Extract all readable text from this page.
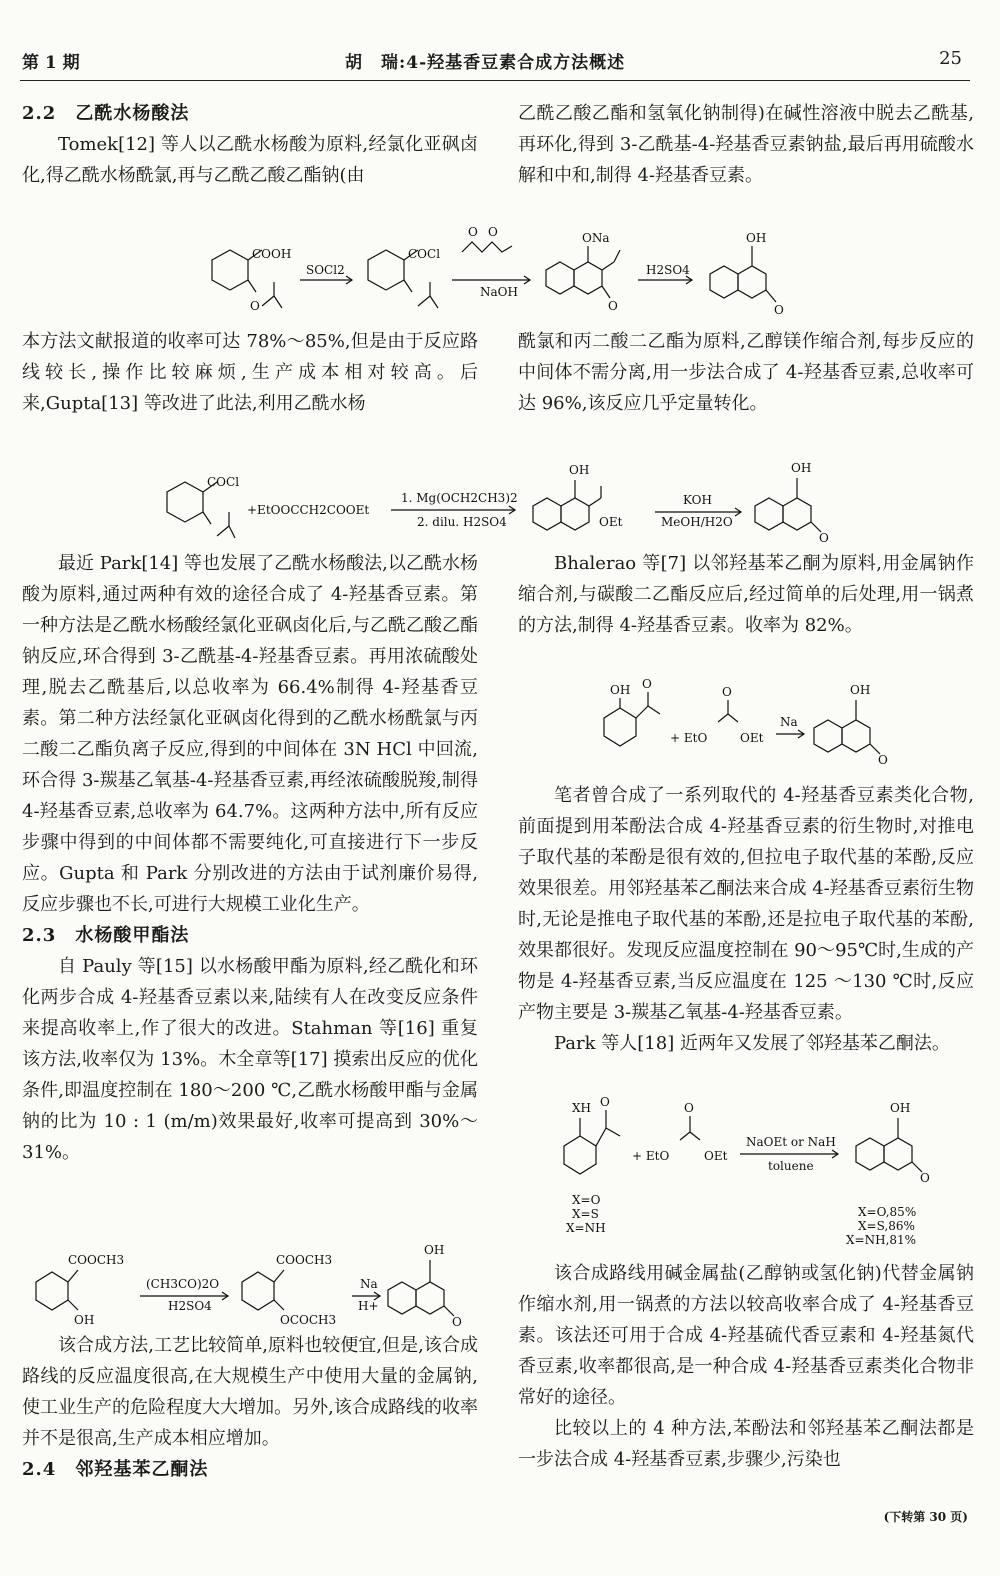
第 1 期	胡　瑞:4-羟基香豆素合成方法概述	25

2.2　乙酰水杨酸法

Tomek[12] 等人以乙酰水杨酸为原料,经氯化亚砜卤化,得乙酰水杨酰氯,再与乙酰乙酸乙酯钠(由

乙酰乙酸乙酯和氢氧化钠制得)在碱性溶液中脱去乙酰基,再环化,得到 3-乙酰基-4-羟基香豆素钠盐,最后再用硫酸水解和中和,制得 4-羟基香豆素。
COOH
O
SOCl2
COCl
O O
NaOH
ONa
O
H2SO4
OH
O
本方法文献报道的收率可达 78%～85%,但是由于反应路线较长,操作比较麻烦,生产成本相对较高。后来,Gupta[13] 等改进了此法,利用乙酰水杨
酰氯和丙二酸二乙酯为原料,乙醇镁作缩合剂,每步反应的中间体不需分离,用一步法合成了 4-羟基香豆素,总收率可达 96%,该反应几乎定量转化。
COCl
+EtOOCCH2COOEt
1. Mg(OCH2CH3)2
2. dilu. H2SO4
OH
OEt
KOH
MeOH/H2O
OH
O

最近 Park[14] 等也发展了乙酰水杨酸法,以乙酰水杨酸为原料,通过两种有效的途径合成了 4-羟基香豆素。第一种方法是乙酰水杨酸经氯化亚砜卤化后,与乙酰乙酸乙酯钠反应,环合得到 3-乙酰基-4-羟基香豆素。再用浓硫酸处理,脱去乙酰基后,以总收率为 66.4%制得 4-羟基香豆素。第二种方法经氯化亚砜卤化得到的乙酰水杨酰氯与丙二酸二乙酯负离子反应,得到的中间体在 3N HCl 中回流,环合得 3-羰基乙氧基-4-羟基香豆素,再经浓硫酸脱羧,制得 4-羟基香豆素,总收率为 64.7%。这两种方法中,所有反应步骤中得到的中间体都不需要纯化,可直接进行下一步反应。Gupta 和 Park 分别改进的方法由于试剂廉价易得,反应步骤也不长,可进行大规模工业化生产。

2.3　水杨酸甲酯法

自 Pauly 等[15] 以水杨酸甲酯为原料,经乙酰化和环化两步合成 4-羟基香豆素以来,陆续有人在改变反应条件来提高收率上,作了很大的改进。Stahman 等[16] 重复该方法,收率仅为 13%。木全章等[17] 摸索出反应的优化条件,即温度控制在 180～200 ℃,乙酰水杨酸甲酯与金属钠的比为 10 : 1 (m/m)效果最好,收率可提高到 30%～31%。

COOCH3
OH
(CH3CO)2O
H2SO4
COOCH3
OCOCH3
Na
H+
OH
O

该合成方法,工艺比较简单,原料也较便宜,但是,该合成路线的反应温度很高,在大规模生产中使用大量的金属钠,使工业生产的危险程度大大增加。另外,该合成路线的收率并不是很高,生产成本相应增加。

2.4　邻羟基苯乙酮法

Bhalerao 等[7] 以邻羟基苯乙酮为原料,用金属钠作缩合剂,与碳酸二乙酯反应后,经过简单的后处理,用一锅煮的方法,制得 4-羟基香豆素。收率为 82%。

OH O
+ EtO
O
OEt
Na
OH
O

笔者曾合成了一系列取代的 4-羟基香豆素类化合物,前面提到用苯酚法合成 4-羟基香豆素的衍生物时,对推电子取代基的苯酚是很有效的,但拉电子取代基的苯酚,反应效果很差。用邻羟基苯乙酮法来合成 4-羟基香豆素衍生物时,无论是推电子取代基的苯酚,还是拉电子取代基的苯酚,效果都很好。发现反应温度控制在 90～95℃时,生成的产物是 4-羟基香豆素,当反应温度在 125 ～130 ℃时,反应产物主要是 3-羰基乙氧基-4-羟基香豆素。

Park 等人[18] 近两年又发展了邻羟基苯乙酮法。

XH O
+ EtO
O
OEt
NaOEt or NaH
toluene
OH
O
X=O
X=S
X=NH
X=O,85%
X=S,86%
X=NH,81%

该合成路线用碱金属盐(乙醇钠或氢化钠)代替金属钠作缩水剂,用一锅煮的方法以较高收率合成了 4-羟基香豆素。该法还可用于合成 4-羟基硫代香豆素和 4-羟基氮代香豆素,收率都很高,是一种合成 4-羟基香豆素类化合物非常好的途径。

比较以上的 4 种方法,苯酚法和邻羟基苯乙酮法都是一步法合成 4-羟基香豆素,步骤少,污染也

(下转第 30 页)
